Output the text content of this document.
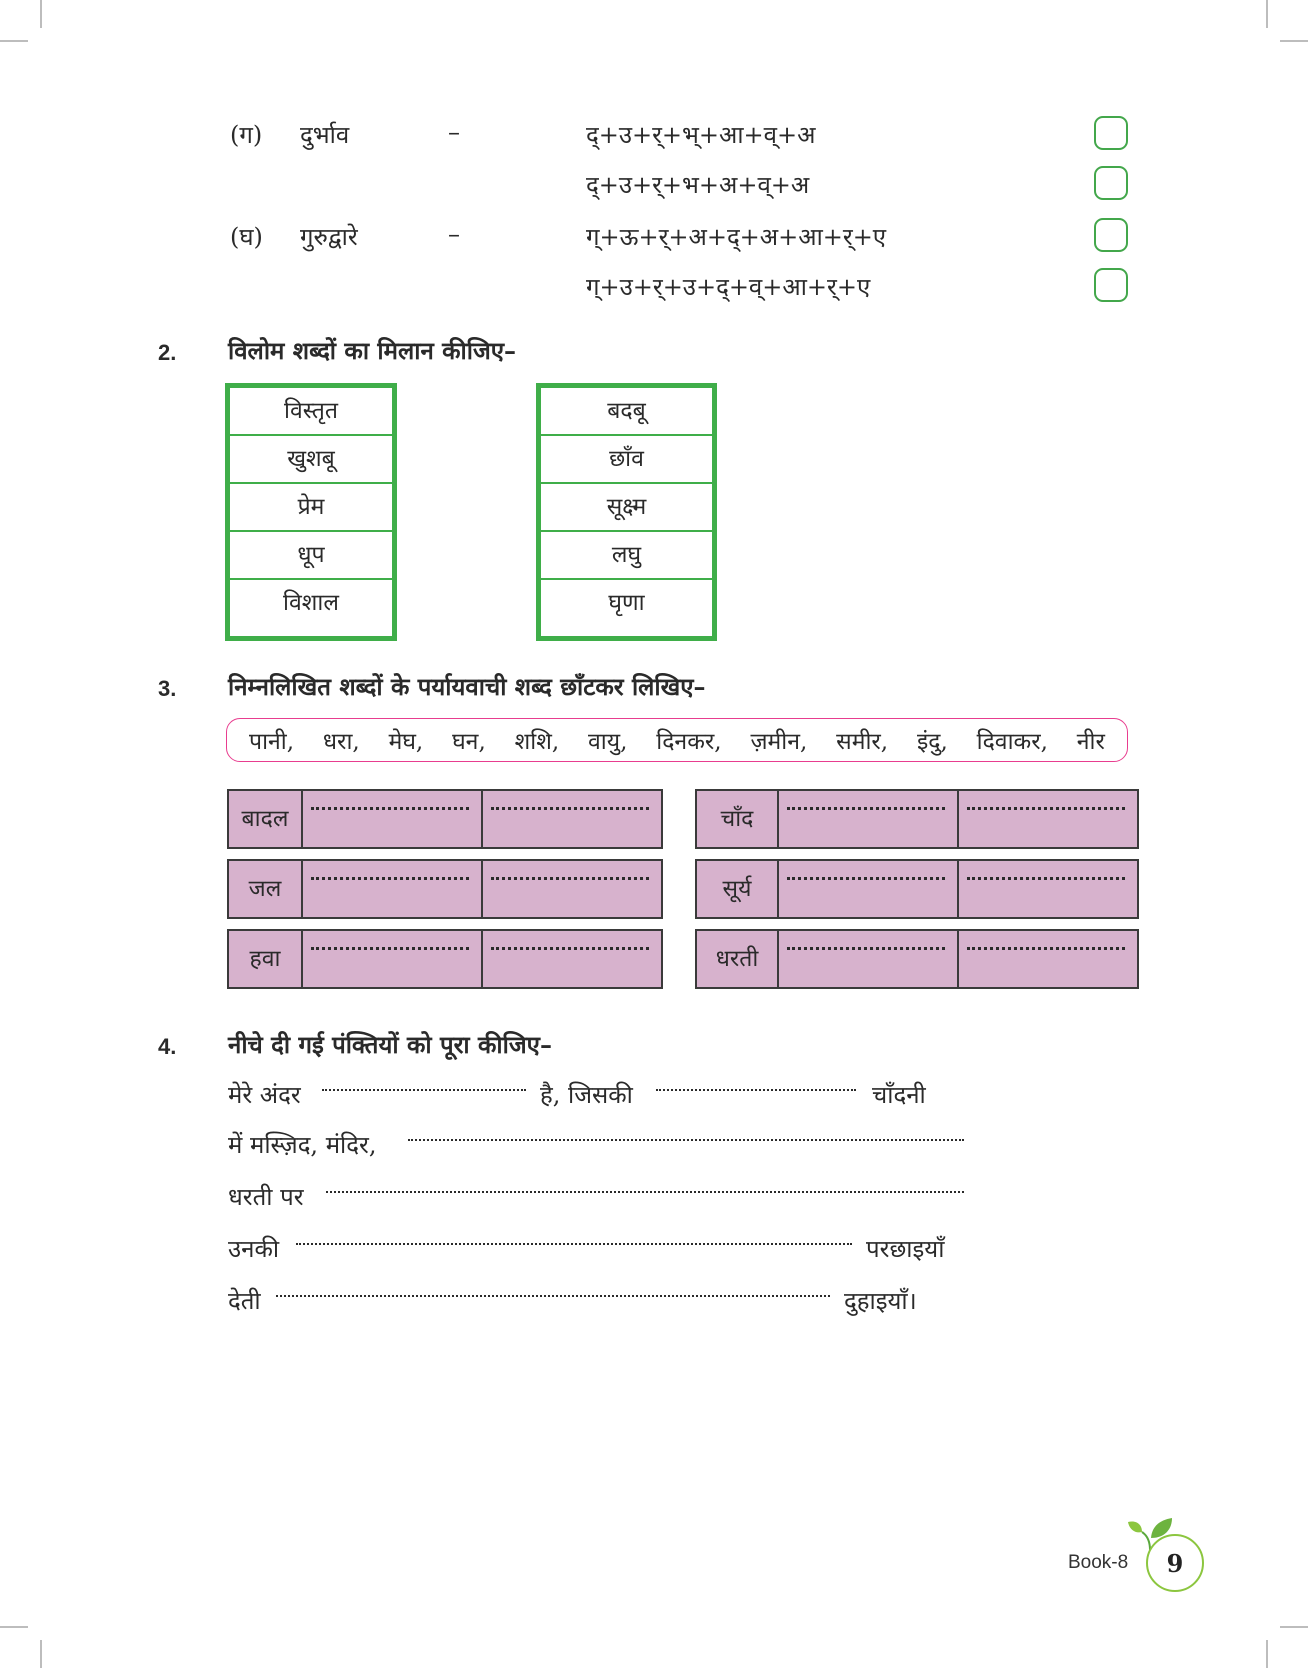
(ग) दुर्भाव	–	द्+उ+र्+भ्+आ+व्+अ
द्+उ+र्+भ+अ+व्+अ
(घ) गुरुद्वारे	–	ग्+ऊ+र्+अ+द्+अ+आ+र्+ए
ग्+उ+र्+उ+द्+व्+आ+र्+ए
2. विलोम शब्दों का मिलान कीजिए–
विस्तृत
खुशबू
प्रेम
धूप
विशाल
बदबू
छाँव
सूक्ष्म
लघु
घृणा
3. निम्नलिखित शब्दों के पर्यायवाची शब्द छाँटकर लिखिए–
पानी, धरा, मेघ, घन, शशि, वायु, दिनकर, ज़मीन, समीर, इंदु, दिवाकर, नीर
बादल
जल
हवा
चाँद
सूर्य
धरती
4. नीचे दी गई पंक्तियों को पूरा कीजिए–
मेरे अंदर	है, जिसकी	चाँदनी
में मस्ज़िद, मंदिर,
धरती पर
उनकी	परछाइयाँ
देती	दुहाइयाँ।
Book-8 9
